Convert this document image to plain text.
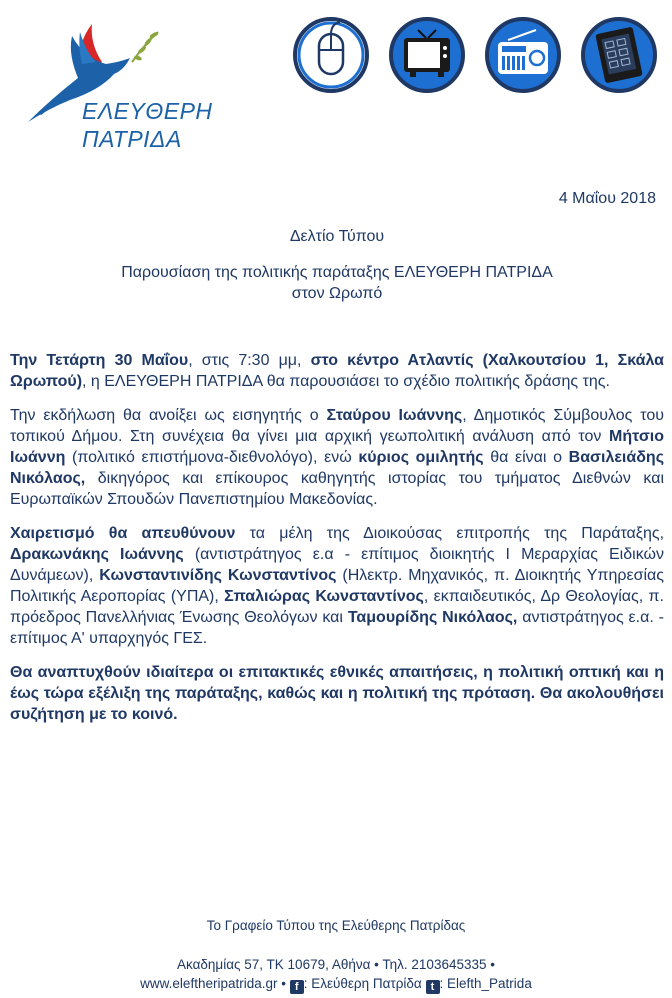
ΕΛΕΥΘΕΡΗ
ΠΑΤΡΙΔΑ

4 Μαΐου 2018

Δελτίο Τύπου

Παρουσίαση της πολιτικής παράταξης ΕΛΕΥΘΕΡΗ ΠΑΤΡΙΔΑ
στον Ωρωπό

Την Τετάρτη 30 Μαΐου, στις 7:30 μμ, στο κέντρο Ατλαντίς (Χαλκουτσίου 1, Σκάλα Ωρωπού), η ΕΛΕΥΘΕΡΗ ΠΑΤΡΙΔΑ θα παρουσιάσει το σχέδιο πολιτικής δράσης της.

Την εκδήλωση θα ανοίξει ως εισηγητής ο Σταύρου Ιωάννης, Δημοτικός Σύμβουλος του τοπικού Δήμου. Στη συνέχεια θα γίνει μια αρχική γεωπολιτική ανάλυση από τον Μήτσιο Ιωάννη (πολιτικό επιστήμονα-διεθνολόγο), ενώ κύριος ομιλητής θα είναι ο Βασιλειάδης Νικόλαος, δικηγόρος και επίκουρος καθηγητής ιστορίας του τμήματος Διεθνών και Ευρωπαϊκών Σπουδών Πανεπιστημίου Μακεδονίας.

Χαιρετισμό θα απευθύνουν τα μέλη της Διοικούσας επιτροπής της Παράταξης, Δρακωνάκης Ιωάννης (αντιστράτηγος ε.α - επίτιμος διοικητής Ι Μεραρχίας Ειδικών Δυνάμεων), Κωνσταντινίδης Κωνσταντίνος (Ηλεκτρ. Μηχανικός, π. Διοικητής Υπηρεσίας Πολιτικής Αεροπορίας (ΥΠΑ), Σπαλιώρας Κωνσταντίνος, εκπαιδευτικός, Δρ Θεολογίας, π. πρόεδρος Πανελλήνιας Ένωσης Θεολόγων και Ταμουρίδης Νικόλαος, αντιστράτηγος ε.α. - επίτιμος Α' υπαρχηγός ΓΕΣ.

Θα αναπτυχθούν ιδιαίτερα οι επιτακτικές εθνικές απαιτήσεις, η πολιτική οπτική και η έως τώρα εξέλιξη της παράταξης, καθώς και η πολιτική της πρόταση. Θα ακολουθήσει συζήτηση με το κοινό.

Το Γραφείο Τύπου της Ελεύθερης Πατρίδας

Ακαδημίας 57, ΤΚ 10679, Αθήνα • Τηλ. 2103645335 •

www.eleftheripatrida.gr • f : Ελεύθερη Πατρίδα t : Elefth_Patrida
